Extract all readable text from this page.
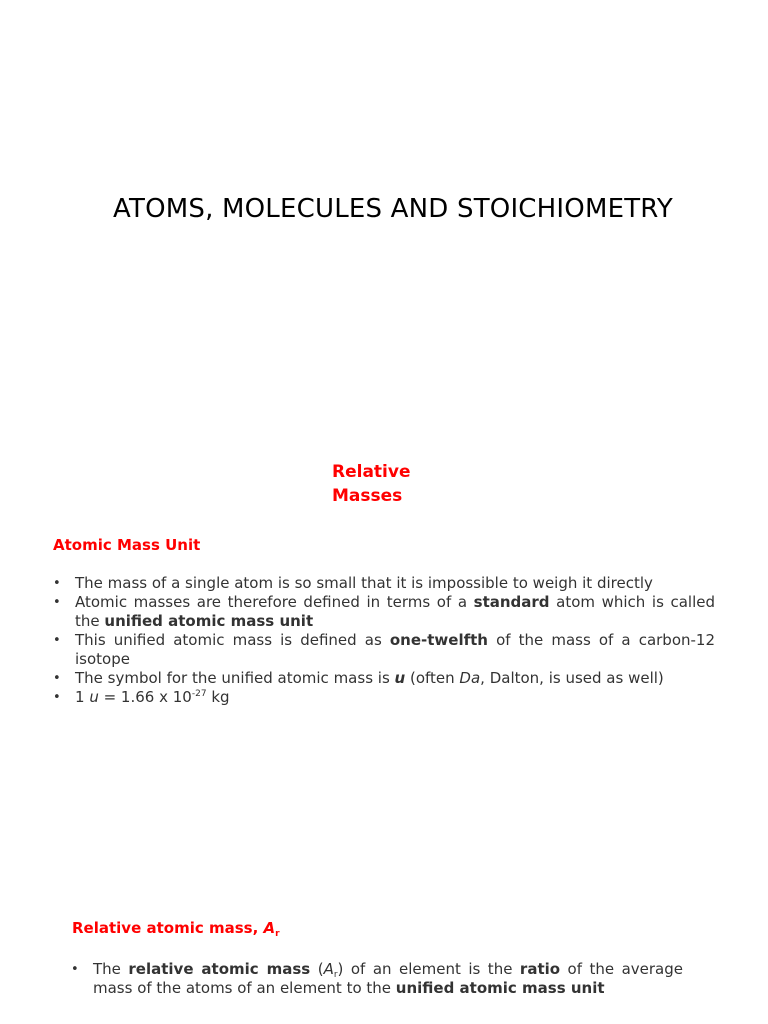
ATOMS, MOLECULES AND STOICHIOMETRY
Relative Masses
Atomic Mass Unit
• The mass of a single atom is so small that it is impossible to weigh it directly
• Atomic masses are therefore defined in terms of a standard atom which is called the unified atomic mass unit
• This unified atomic mass is defined as one-twelfth of the mass of a carbon-12 isotope
• The symbol for the unified atomic mass is u (often Da, Dalton, is used as well)
• 1 u = 1.66 x $10^{-27}$ kg
Relative atomic mass, $A_r$
• The relative atomic mass $(A_r)$ of an element is the ratio of the average mass of the atoms of an element to the unified atomic mass unit
